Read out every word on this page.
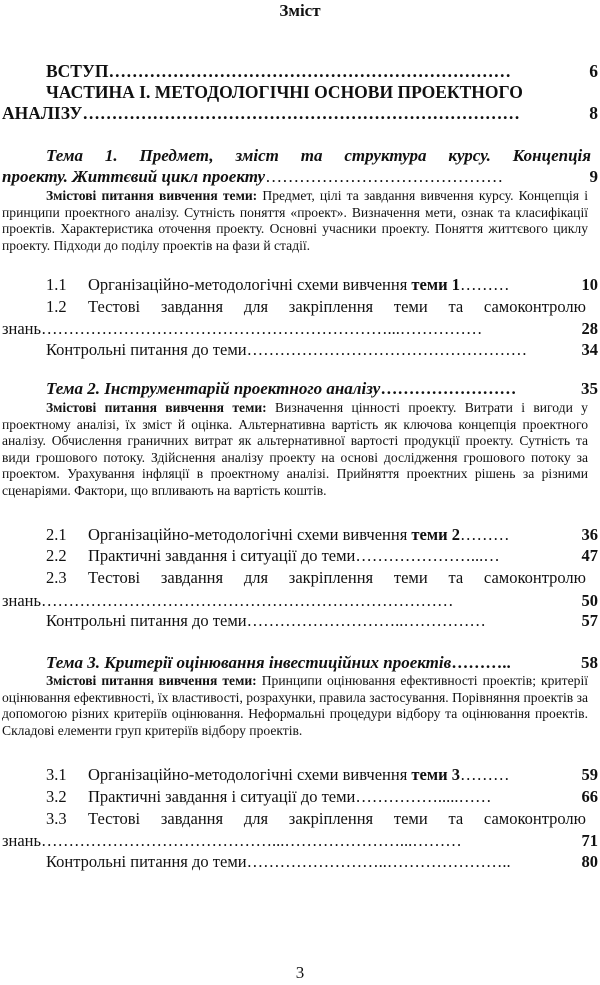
Зміст
ВСТУП……………………………………………………………	6
ЧАСТИНА І. МЕТОДОЛОГІЧНІ ОСНОВИ ПРОЕКТНОГО
АНАЛІЗУ…………………………………………………………………	8
Тема 1. Предмет, зміст та структура курсу. Концепція
проекту. Життєвий цикл проекту……………………………………	9
Змістові питання вивчення теми: Предмет, цілі та завдання вивчення курсу. Концепція і принципи проектного аналізу. Сутність поняття «проект». Визначення мети, ознак та класифікації проектів. Характеристика оточення проекту. Основні учасники проекту. Поняття життєвого циклу проекту. Підходи до поділу проектів на фази й стадії.
1.1 Організаційно-методологічні схеми вивчення теми 1………	10
1.2 Тестові завдання для закріплення теми та самоконтролю
знань………………………………………………………...……………	28
Контрольні питання до теми……………………………………………	34
Тема 2. Інструментарій проектного аналізу……………………	35
Змістові питання вивчення теми: Визначення цінності проекту. Витрати і вигоди у проектному аналізі, їх зміст й оцінка. Альтернативна вартість як ключова концепція проектного аналізу. Обчислення граничних витрат як альтернативної вартості продукції проекту. Сутність та види грошового потоку. Здійснення аналізу проекту на основі дослідження грошового потоку за проектом. Урахування інфляції в проектному аналізі. Прийняття проектних рішень за різними сценаріями. Фактори, що впливають на вартість коштів.
2.1 Організаційно-методологічні схеми вивчення теми 2………	36
2.2 Практичні завдання і ситуації до теми…………………...…	47
2.3 Тестові завдання для закріплення теми та самоконтролю
знань…………………………………………………………………	50
Контрольні питання до теми………………………..……………	57
Тема 3. Критерії оцінювання інвестиційних проектів………..	58
Змістові питання вивчення теми: Принципи оцінювання ефективності проектів; критерії оцінювання ефективності, їх властивості, розрахунки, правила застосування. Порівняння проектів за допомогою різних критеріїв оцінювання. Неформальні процедури відбору та оцінювання проектів. Складові елементи груп критеріїв відбору проектів.
3.1 Організаційно-методологічні схеми вивчення теми 3………	59
3.2 Практичні завдання і ситуації до теми…………….....……	66
3.3 Тестові завдання для закріплення теми та самоконтролю
знань……………………………………...…………………...………	71
Контрольні питання до теми……………………..…………………..	80
3
